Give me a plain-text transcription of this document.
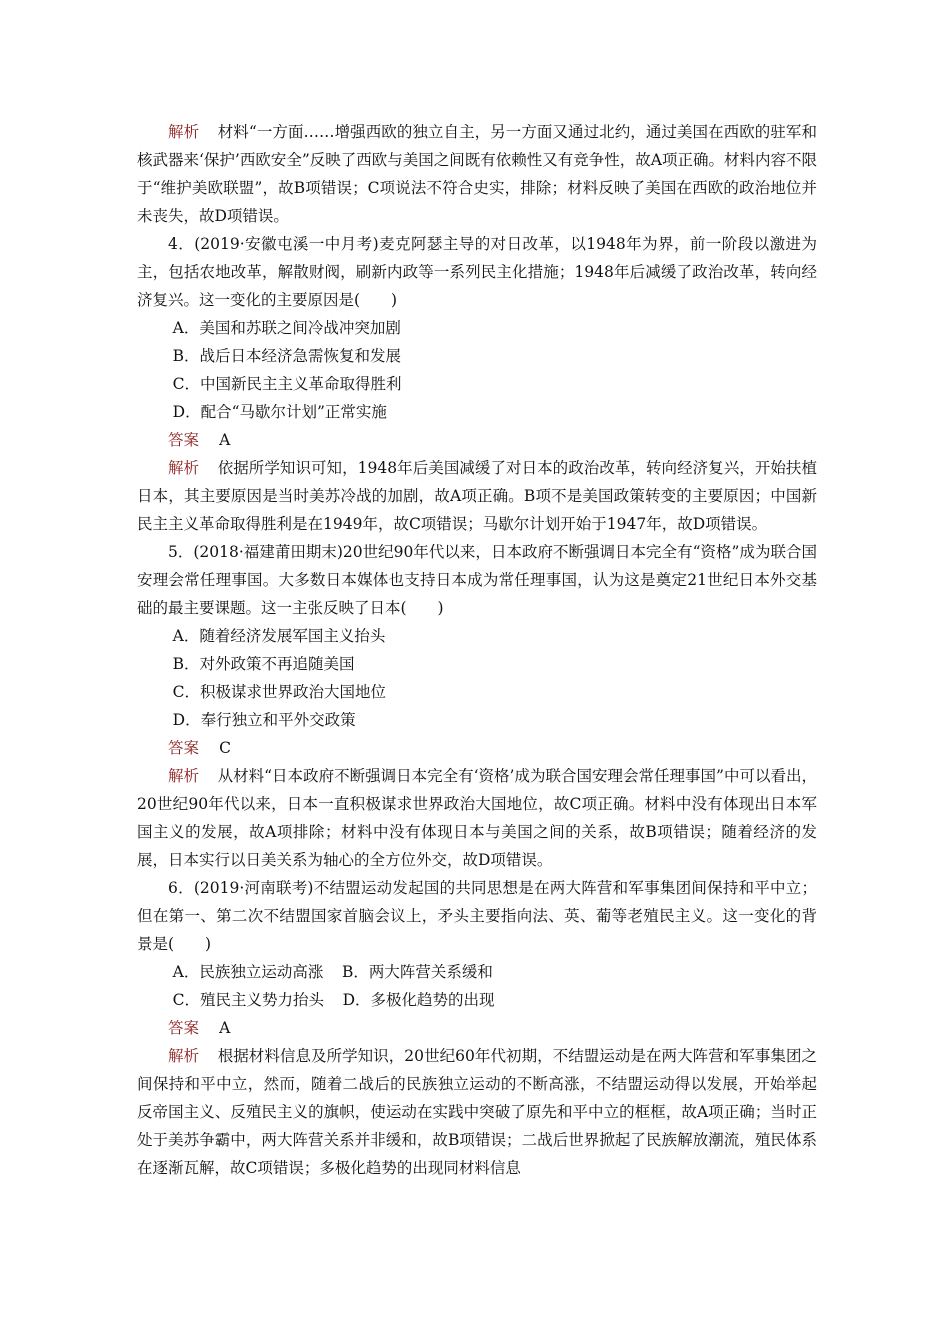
解析 材料“一方面……增强西欧的独立自主，另一方面又通过北约，通过美国在西欧的驻军和核武器来‘保护’西欧安全”反映了西欧与美国之间既有依赖性又有竞争性，故A项正确。材料内容不限于“维护美欧联盟”，故B项错误；C项说法不符合史实，排除；材料反映了美国在西欧的政治地位并未丧失，故D项错误。

4．(2019·安徽屯溪一中月考)麦克阿瑟主导的对日改革，以1948年为界，前一阶段以激进为主，包括农地改革，解散财阀，刷新内政等一系列民主化措施；1948年后减缓了政治改革，转向经济复兴。这一变化的主要原因是(　　)

A．美国和苏联之间冷战冲突加剧

B．战后日本经济急需恢复和发展

C．中国新民主主义革命取得胜利

D．配合“马歇尔计划”正常实施

答案 A

解析 依据所学知识可知，1948年后美国减缓了对日本的政治改革，转向经济复兴，开始扶植日本，其主要原因是当时美苏冷战的加剧，故A项正确。B项不是美国政策转变的主要原因；中国新民主主义革命取得胜利是在1949年，故C项错误；马歇尔计划开始于1947年，故D项错误。

5．(2018·福建莆田期末)20世纪90年代以来，日本政府不断强调日本完全有“资格”成为联合国安理会常任理事国。大多数日本媒体也支持日本成为常任理事国，认为这是奠定21世纪日本外交基础的最主要课题。这一主张反映了日本(　　)

A．随着经济发展军国主义抬头

B．对外政策不再追随美国

C．积极谋求世界政治大国地位

D．奉行独立和平外交政策

答案 C

解析 从材料“日本政府不断强调日本完全有‘资格’成为联合国安理会常任理事国”中可以看出，20世纪90年代以来，日本一直积极谋求世界政治大国地位，故C项正确。材料中没有体现出日本军国主义的发展，故A项排除；材料中没有体现日本与美国之间的关系，故B项错误；随着经济的发展，日本实行以日美关系为轴心的全方位外交，故D项错误。

6．(2019·河南联考)不结盟运动发起国的共同思想是在两大阵营和军事集团间保持和平中立；但在第一、第二次不结盟国家首脑会议上，矛头主要指向法、英、葡等老殖民主义。这一变化的背景是(　　)

A．民族独立运动高涨 B．两大阵营关系缓和

C．殖民主义势力抬头 D．多极化趋势的出现

答案 A

解析 根据材料信息及所学知识，20世纪60年代初期，不结盟运动是在两大阵营和军事集团之间保持和平中立，然而，随着二战后的民族独立运动的不断高涨，不结盟运动得以发展，开始举起反帝国主义、反殖民主义的旗帜，使运动在实践中突破了原先和平中立的框框，故A项正确；当时正处于美苏争霸中，两大阵营关系并非缓和，故B项错误；二战后世界掀起了民族解放潮流，殖民体系在逐渐瓦解，故C项错误；多极化趋势的出现同材料信息
